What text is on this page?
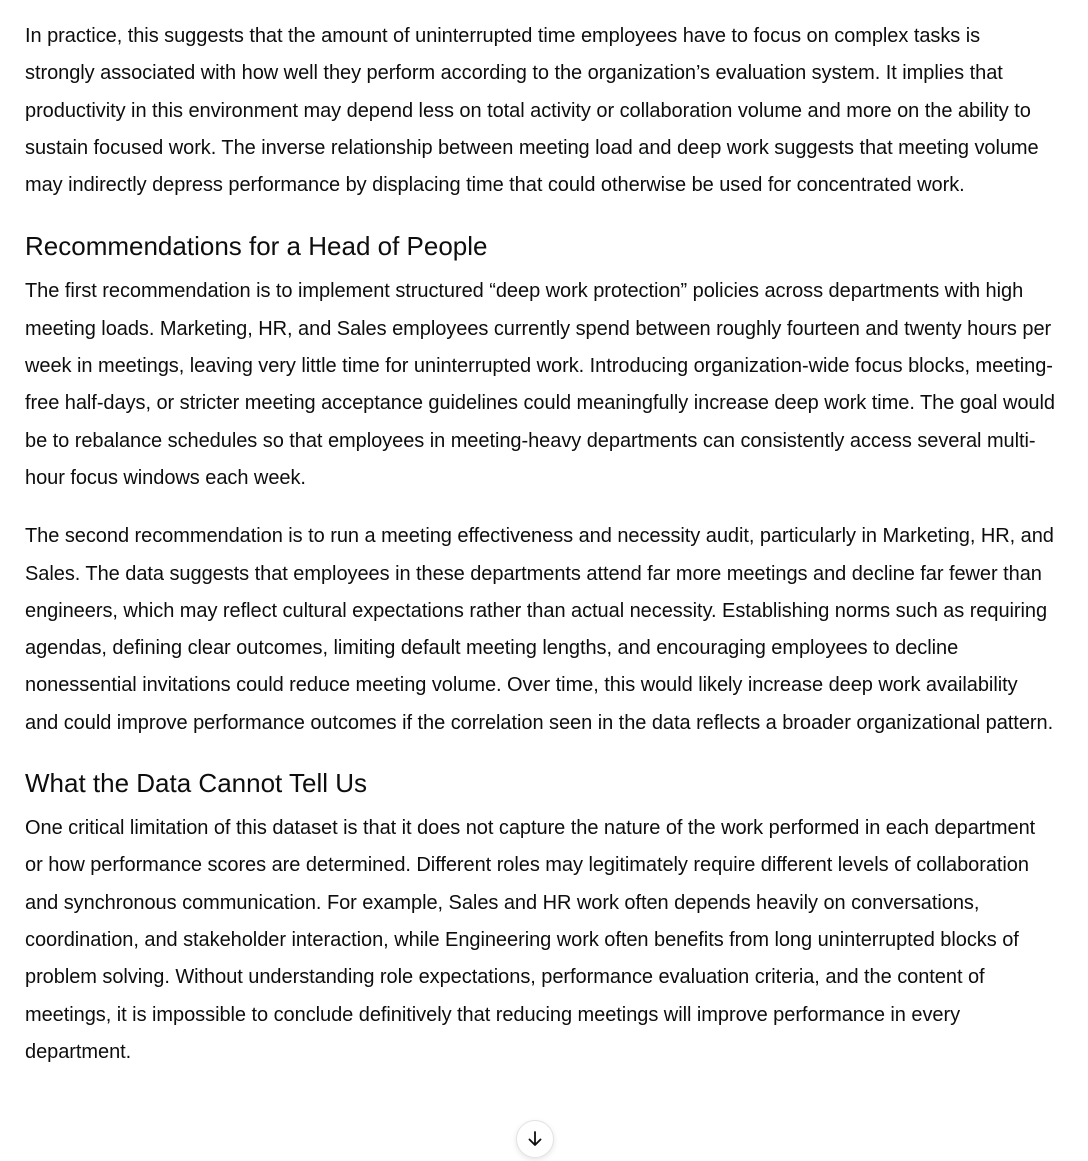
In practice, this suggests that the amount of uninterrupted time employees have to focus on complex tasks is strongly associated with how well they perform according to the organization’s evaluation system. It implies that productivity in this environment may depend less on total activity or collaboration volume and more on the ability to sustain focused work. The inverse relationship between meeting load and deep work suggests that meeting volume may indirectly depress performance by displacing time that could otherwise be used for concentrated work.

Recommendations for a Head of People

The first recommendation is to implement structured “deep work protection” policies across departments with high meeting loads. Marketing, HR, and Sales employees currently spend between roughly fourteen and twenty hours per week in meetings, leaving very little time for uninterrupted work. Introducing organization-wide focus blocks, meeting-free half-days, or stricter meeting acceptance guidelines could meaningfully increase deep work time. The goal would be to rebalance schedules so that employees in meeting-heavy departments can consistently access several multi-hour focus windows each week.

The second recommendation is to run a meeting effectiveness and necessity audit, particularly in Marketing, HR, and Sales. The data suggests that employees in these departments attend far more meetings and decline far fewer than engineers, which may reflect cultural expectations rather than actual necessity. Establishing norms such as requiring agendas, defining clear outcomes, limiting default meeting lengths, and encouraging employees to decline nonessential invitations could reduce meeting volume. Over time, this would likely increase deep work availability and could improve performance outcomes if the correlation seen in the data reflects a broader organizational pattern.

What the Data Cannot Tell Us

One critical limitation of this dataset is that it does not capture the nature of the work performed in each department or how performance scores are determined. Different roles may legitimately require different levels of collaboration and synchronous communication. For example, Sales and HR work often depends heavily on conversations, coordination, and stakeholder interaction, while Engineering work often benefits from long uninterrupted blocks of problem solving. Without understanding role expectations, performance evaluation criteria, and the content of meetings, it is impossible to conclude definitively that reducing meetings will improve performance in every department.
